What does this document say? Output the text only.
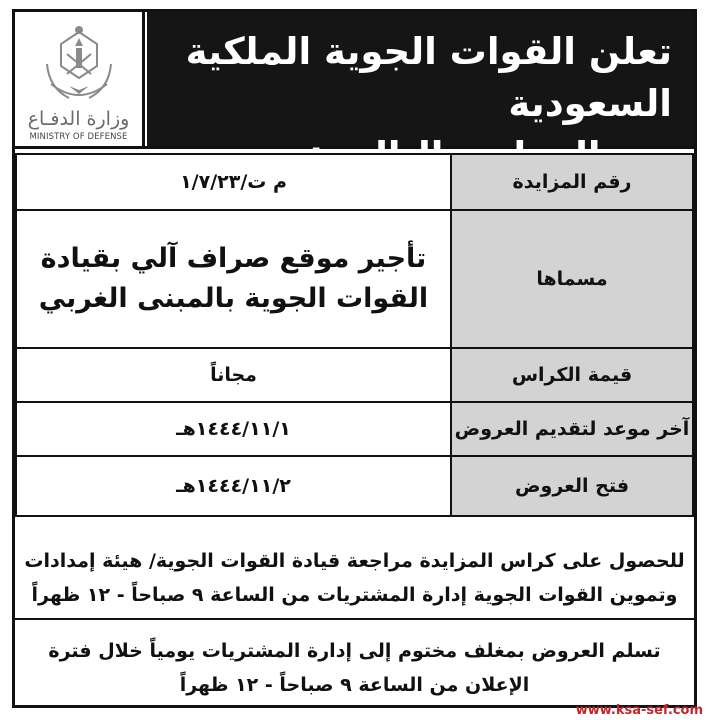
وزارة الدفـاع
MINISTRY OF DEFENSE
تعلن القوات الجوية الملكية السعودية
رقم المزايدة	م ت/١/٧/٢٣
مسماها	تأجير موقع صراف آلي بقيادة
القوات الجوية بالمبنى الغربي

قيمة الكراس	مجاناً
آخر موعد لتقديم العروض	١٤٤٤/١١/١هـ
فتح العروض	١٤٤٤/١١/٢هـ
للحصول على كراس المزايدة مراجعة قيادة القوات الجوية/ هيئة إمدادات
وتموين القوات الجوية إدارة المشتريات من الساعة ٩ صباحاً - ١٢ ظهراً
تسلم العروض بمغلف مختوم إلى إدارة المشتريات يومياً خلال فترة
الإعلان من الساعة ٩ صباحاً - ١٢ ظهراً
www.ksa-sef.com
